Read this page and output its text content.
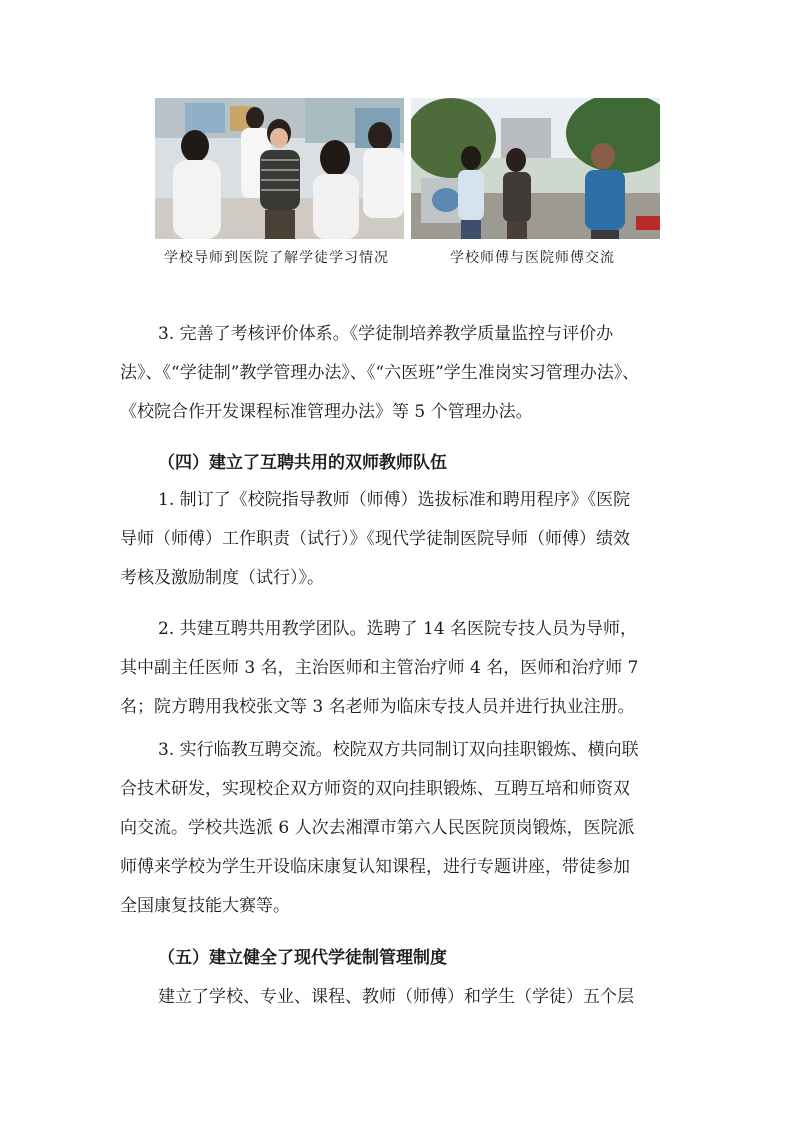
学校导师到医院了解学徒学习情况	学校师傅与医院师傅交流
3. 完善了考核评价体系。《学徒制培养教学质量监控与评价办
法》、《“学徒制”教学管理办法》、《“六医班”学生准岗实习管理办法》、
《校院合作开发课程标准管理办法》等 5 个管理办法。
（四）建立了互聘共用的双师教师队伍
1. 制订了《校院指导教师（师傅）选拔标准和聘用程序》《医院
导师（师傅）工作职责（试行）》《现代学徒制医院导师（师傅）绩效
考核及激励制度（试行）》。
2. 共建互聘共用教学团队。选聘了 14 名医院专技人员为导师，
其中副主任医师 3 名，主治医师和主管治疗师 4 名，医师和治疗师 7
名；院方聘用我校张文等 3 名老师为临床专技人员并进行执业注册。
3. 实行临教互聘交流。校院双方共同制订双向挂职锻炼、横向联
合技术研发，实现校企双方师资的双向挂职锻炼、互聘互培和师资双
向交流。学校共选派 6 人次去湘潭市第六人民医院顶岗锻炼，医院派
师傅来学校为学生开设临床康复认知课程，进行专题讲座，带徒参加
全国康复技能大赛等。
（五）建立健全了现代学徒制管理制度
建立了学校、专业、课程、教师（师傅）和学生（学徒）五个层
